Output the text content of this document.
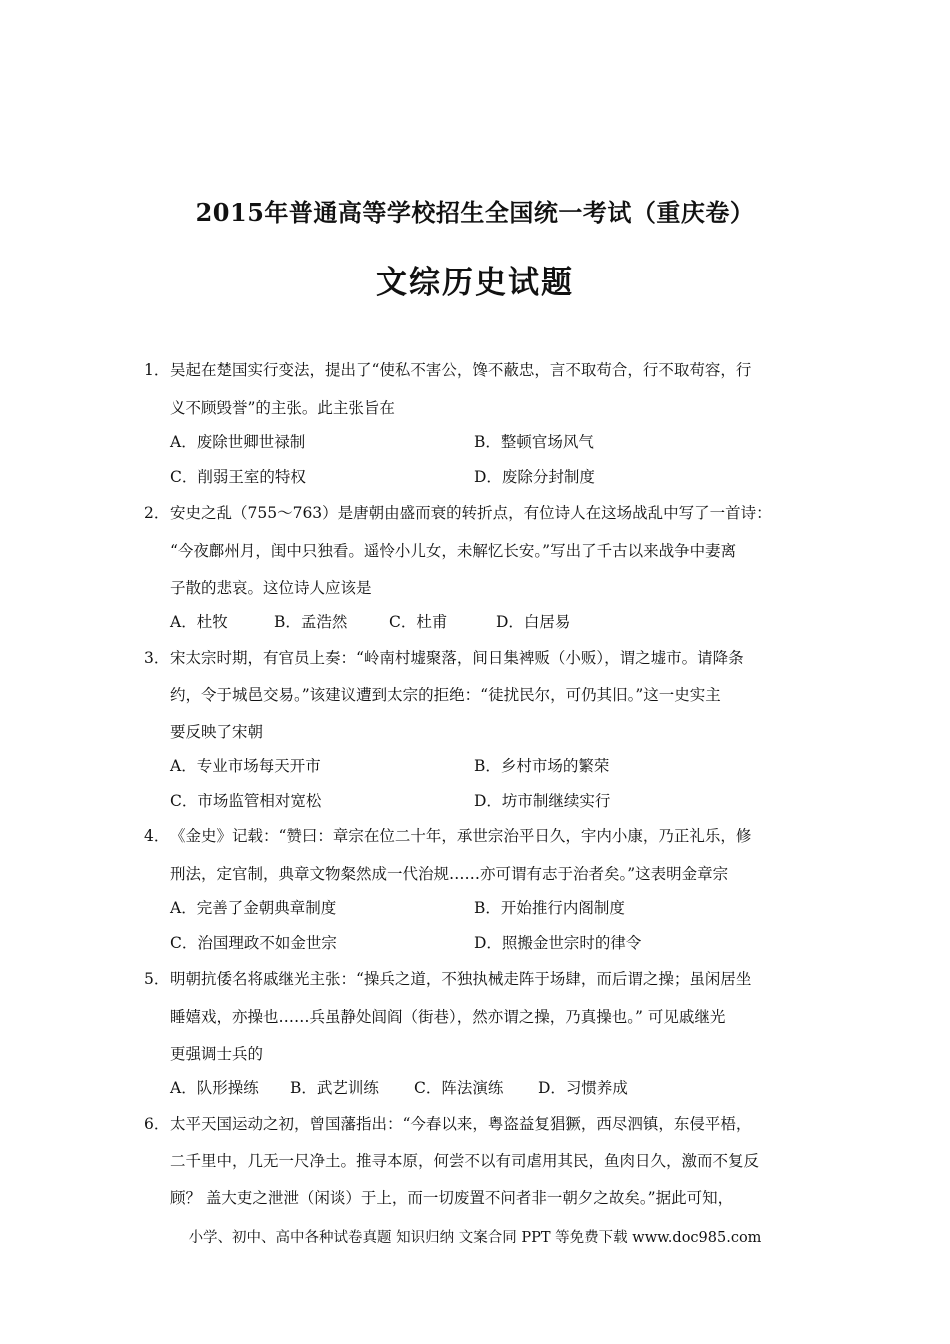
2015年普通高等学校招生全国统一考试（重庆卷）
文综历史试题
1． 吴起在楚国实行变法，提出了“使私不害公，馋不蔽忠，言不取苟合，行不取苟容，行
义不顾毁誉”的主张。此主张旨在
A．废除世卿世禄制	B．整顿官场风气
C．削弱王室的特权	D．废除分封制度
2． 安史之乱（755～763）是唐朝由盛而衰的转折点，有位诗人在这场战乱中写了一首诗：
“今夜鄜州月，闺中只独看。遥怜小儿女，未解忆长安。”写出了千古以来战争中妻离
子散的悲哀。这位诗人应该是
A．杜牧	B．孟浩然	C．杜甫	D．白居易
3． 宋太宗时期，有官员上奏：“岭南村墟聚落，间日集裨贩（小贩），谓之墟市。请降条
约，令于城邑交易。”该建议遭到太宗的拒绝：“徒扰民尔，可仍其旧。”这一史实主
要反映了宋朝
A．专业市场每天开市	B．乡村市场的繁荣
C．市场监管相对宽松	D．坊市制继续实行
4． 《金史》记载：“赞曰：章宗在位二十年，承世宗治平日久，宇内小康，乃正礼乐，修
刑法，定官制，典章文物粲然成一代治规……亦可谓有志于治者矣。”这表明金章宗
A．完善了金朝典章制度	B．开始推行内阁制度
C．治国理政不如金世宗	D．照搬金世宗时的律令
5． 明朝抗倭名将戚继光主张：“操兵之道，不独执械走阵于场肆，而后谓之操；虽闲居坐
睡嬉戏，亦操也……兵虽静处闾阎（街巷），然亦谓之操，乃真操也。” 可见戚继光
更强调士兵的
A．队形操练 B．武艺训练 C．阵法演练 D．习惯养成
6． 太平天国运动之初，曾国藩指出：“今春以来，粤盗益复猖獗，西尽泗镇，东侵平梧，
二千里中，几无一尺净土。推寻本原，何尝不以有司虐用其民，鱼肉日久，激而不复反
顾？ 盖大吏之泄泄（闲谈）于上，而一切废置不问者非一朝夕之故矣。”据此可知，
小学、初中、高中各种试卷真题 知识归纳 文案合同 PPT 等免费下载 www.doc985.com
